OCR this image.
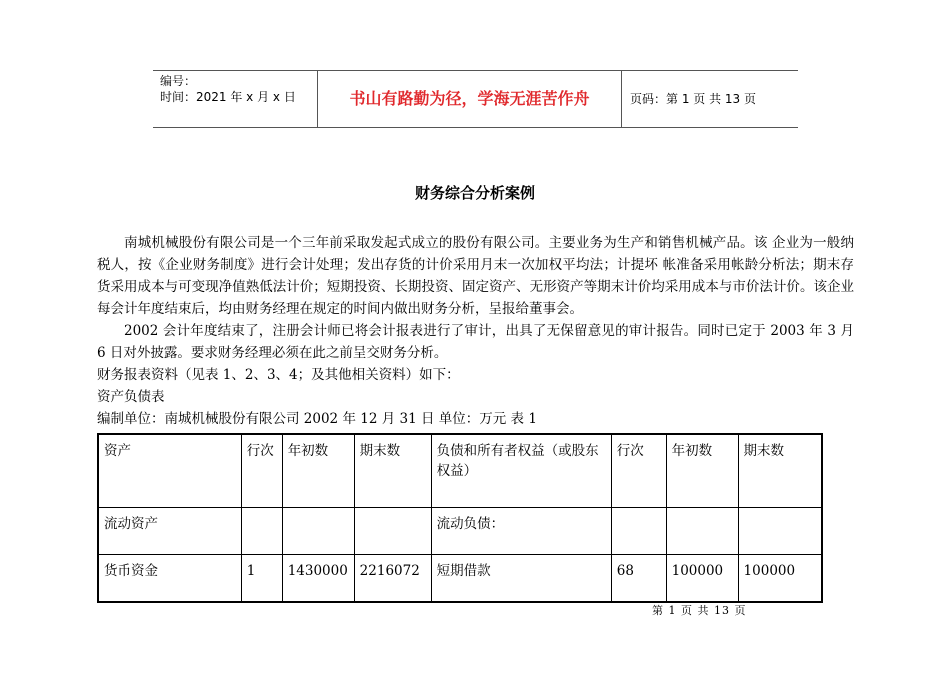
编号：
时间：2021 年 x 月 x 日	书山有路勤为径，学海无涯苦作舟	页码：第 1 页 共 13 页
财务综合分析案例

南城机械股份有限公司是一个三年前采取发起式成立的股份有限公司。主要业务为生产和销售机械产品。该 企业为一般纳税人，按《企业财务制度》进行会计处理；发出存货的计价采用月末一次加权平均法；计提坏 帐准备采用帐龄分析法；期末存货采用成本与可变现净值熟低法计价；短期投资、长期投资、固定资产、无形资产等期末计价均采用成本与市价法计价。该企业每会计年度结束后，均由财务经理在规定的时间内做出财务分析，呈报给董事会。

2002 会计年度结束了，注册会计师已将会计报表进行了审计，出具了无保留意见的审计报告。同时已定于 2003 年 3 月 6 日对外披露。要求财务经理必须在此之前呈交财务分析。

财务报表资料（见表 1、2、3、4；及其他相关资料）如下：

资产负债表

编制单位：南城机械股份有限公司 2002 年 12 月 31 日 单位：万元 表 1

资产	行次	年初数	期末数	负债和所有者权益（或股东权益）	行次	年初数	期末数
流动资产				流动负债：			
货币资金	1	1430000	2216072	短期借款	68	100000	100000
第 1 页 共 13 页
